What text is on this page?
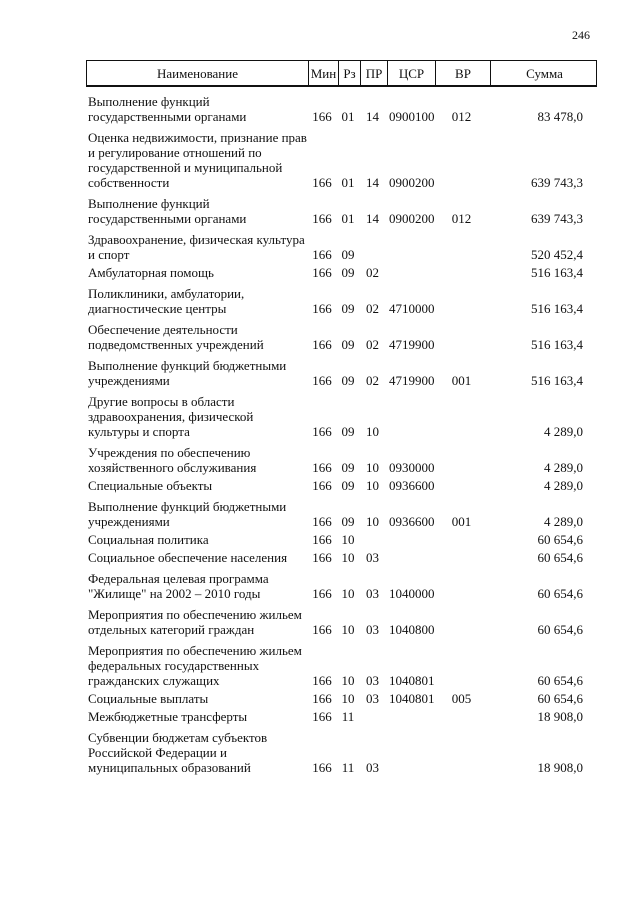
246
Наименование	Мин Рз ПР	ЦСР	ВР	Сумма
Выполнение функций государственными органами	166 01 14 0900100	012	83 478,0
Оценка недвижимости, признание прав и регулирование отношений по государственной и муниципальной собственности	166 01 14 0900200	639 743,3
Выполнение функций государственными органами	166 01 14 0900200	012	639 743,3
Здравоохранение, физическая культура и спорт	166 09	520 452,4
Амбулаторная помощь	166 09 02	516 163,4
Поликлиники, амбулатории, диагностические центры	166 09 02 4710000	516 163,4
Обеспечение деятельности подведомственных учреждений	166 09 02 4719900	516 163,4
Выполнение функций бюджетными учреждениями	166 09 02 4719900	001	516 163,4
Другие вопросы в области здравоохранения, физической культуры и спорта	166 09 10	4 289,0
Учреждения по обеспечению хозяйственного обслуживания	166 09 10 0930000	4 289,0
Специальные объекты	166 09 10 0936600	4 289,0
Выполнение функций бюджетными учреждениями	166 09 10 0936600	001	4 289,0
Социальная политика	166 10	60 654,6
Социальное обеспечение населения	166 10 03	60 654,6
Федеральная целевая программа "Жилище" на 2002 – 2010 годы	166 10 03 1040000	60 654,6
Мероприятия по обеспечению жильем отдельных категорий граждан	166 10 03 1040800	60 654,6
Мероприятия по обеспечению жильем федеральных государственных гражданских служащих	166 10 03 1040801	60 654,6
Социальные выплаты	166 10 03 1040801	005	60 654,6
Межбюджетные трансферты	166 11	18 908,0
Субвенции бюджетам субъектов Российской Федерации и муниципальных образований	166 11 03	18 908,0
